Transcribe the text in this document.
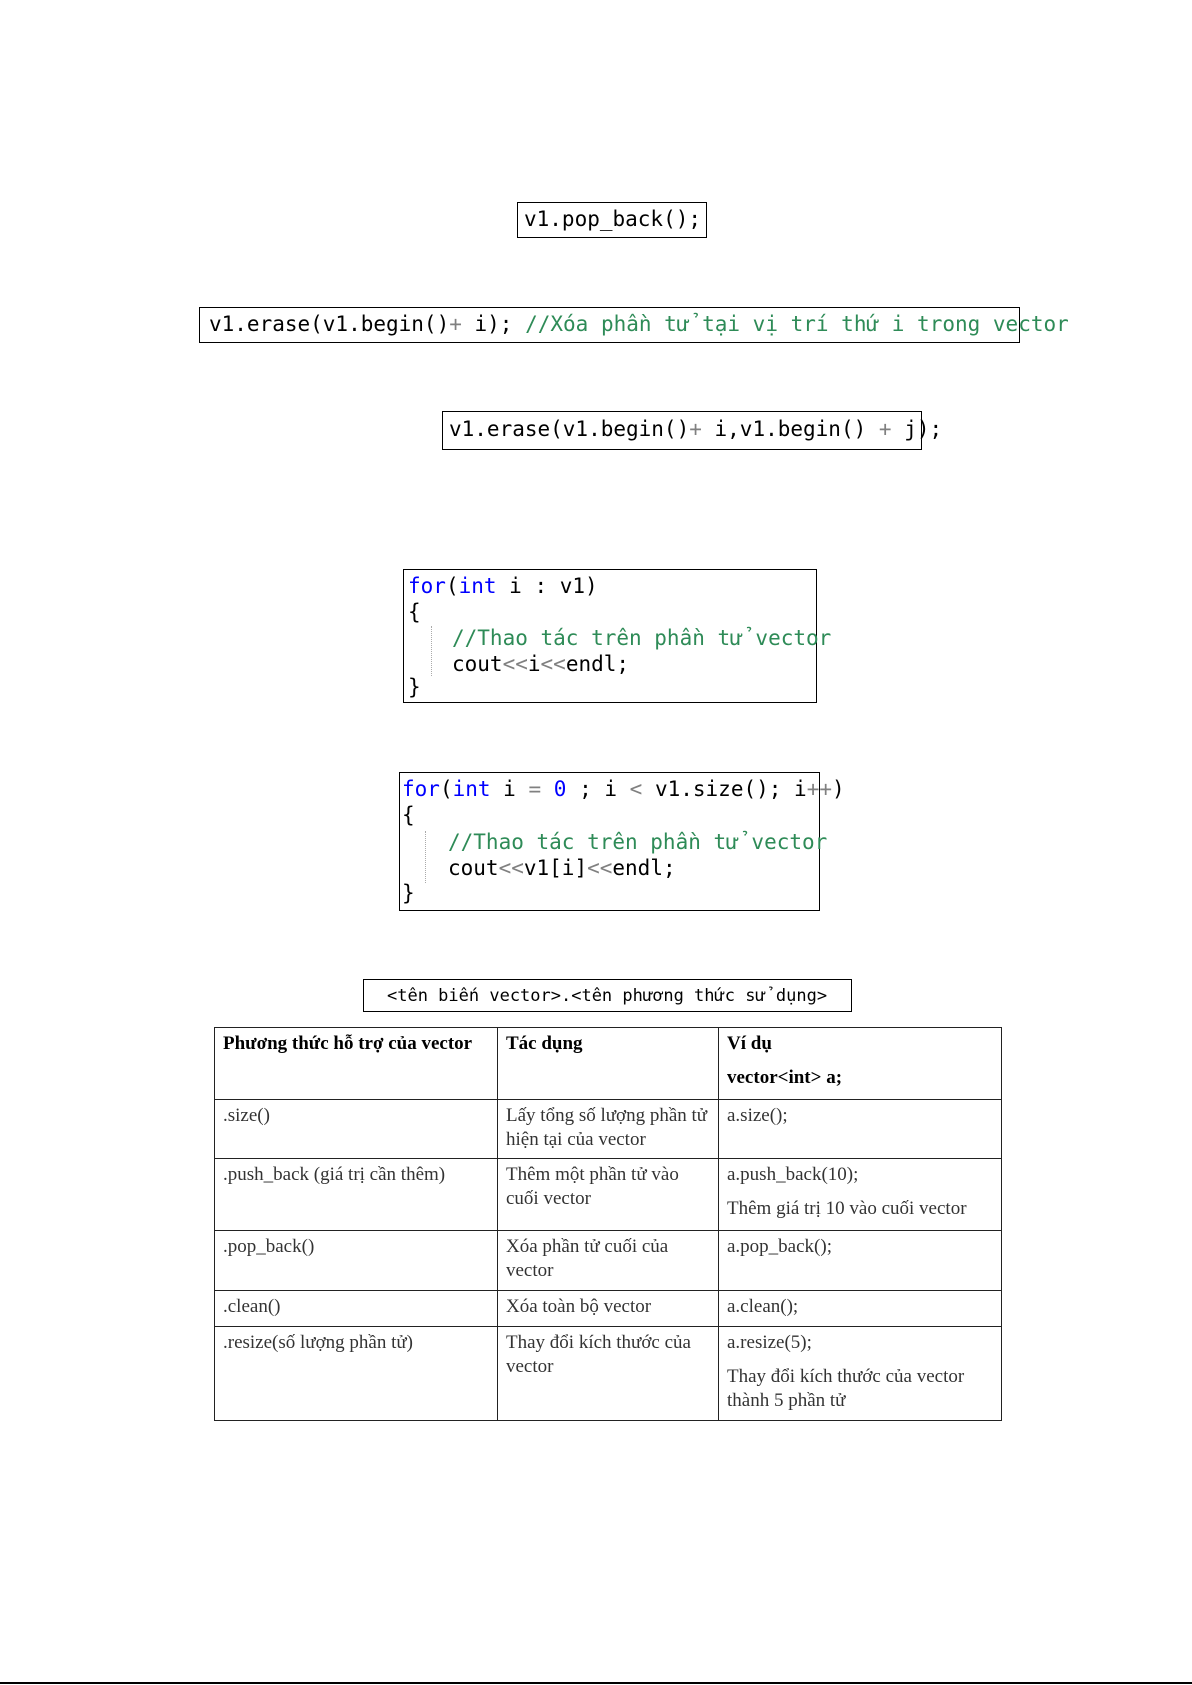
v1.pop_back();
v1.erase(v1.begin()+ i); //Xóa phần tử tại vị trí thứ i trong vector
v1.erase(v1.begin()+ i,v1.begin() + j);
for(int i : v1)
{
//Thao tác trên phần tử vector
cout<<i<<endl;
}
for(int i = 0 ; i < v1.size(); i++)
{
//Thao tác trên phần tử vector
cout<<v1[i]<<endl;
}
<tên biến vector>.<tên phương thức sử dụng>
Phương thức hỗ trợ của vector	Tác dụng	Ví dụ
vector<int> a;
.size()	Lấy tổng số lượng phần tử hiện tại của vector	a.size();
.push_back (giá trị cần thêm)	Thêm một phần tử vào cuối vector	a.push_back(10);
Thêm giá trị 10 vào cuối vector
.pop_back()	Xóa phần tử cuối của vector	a.pop_back();
.clean()	Xóa toàn bộ vector	a.clean();
.resize(số lượng phần tử)	Thay đổi kích thước của vector	a.resize(5);
Thay đổi kích thước của vector thành 5 phần tử
